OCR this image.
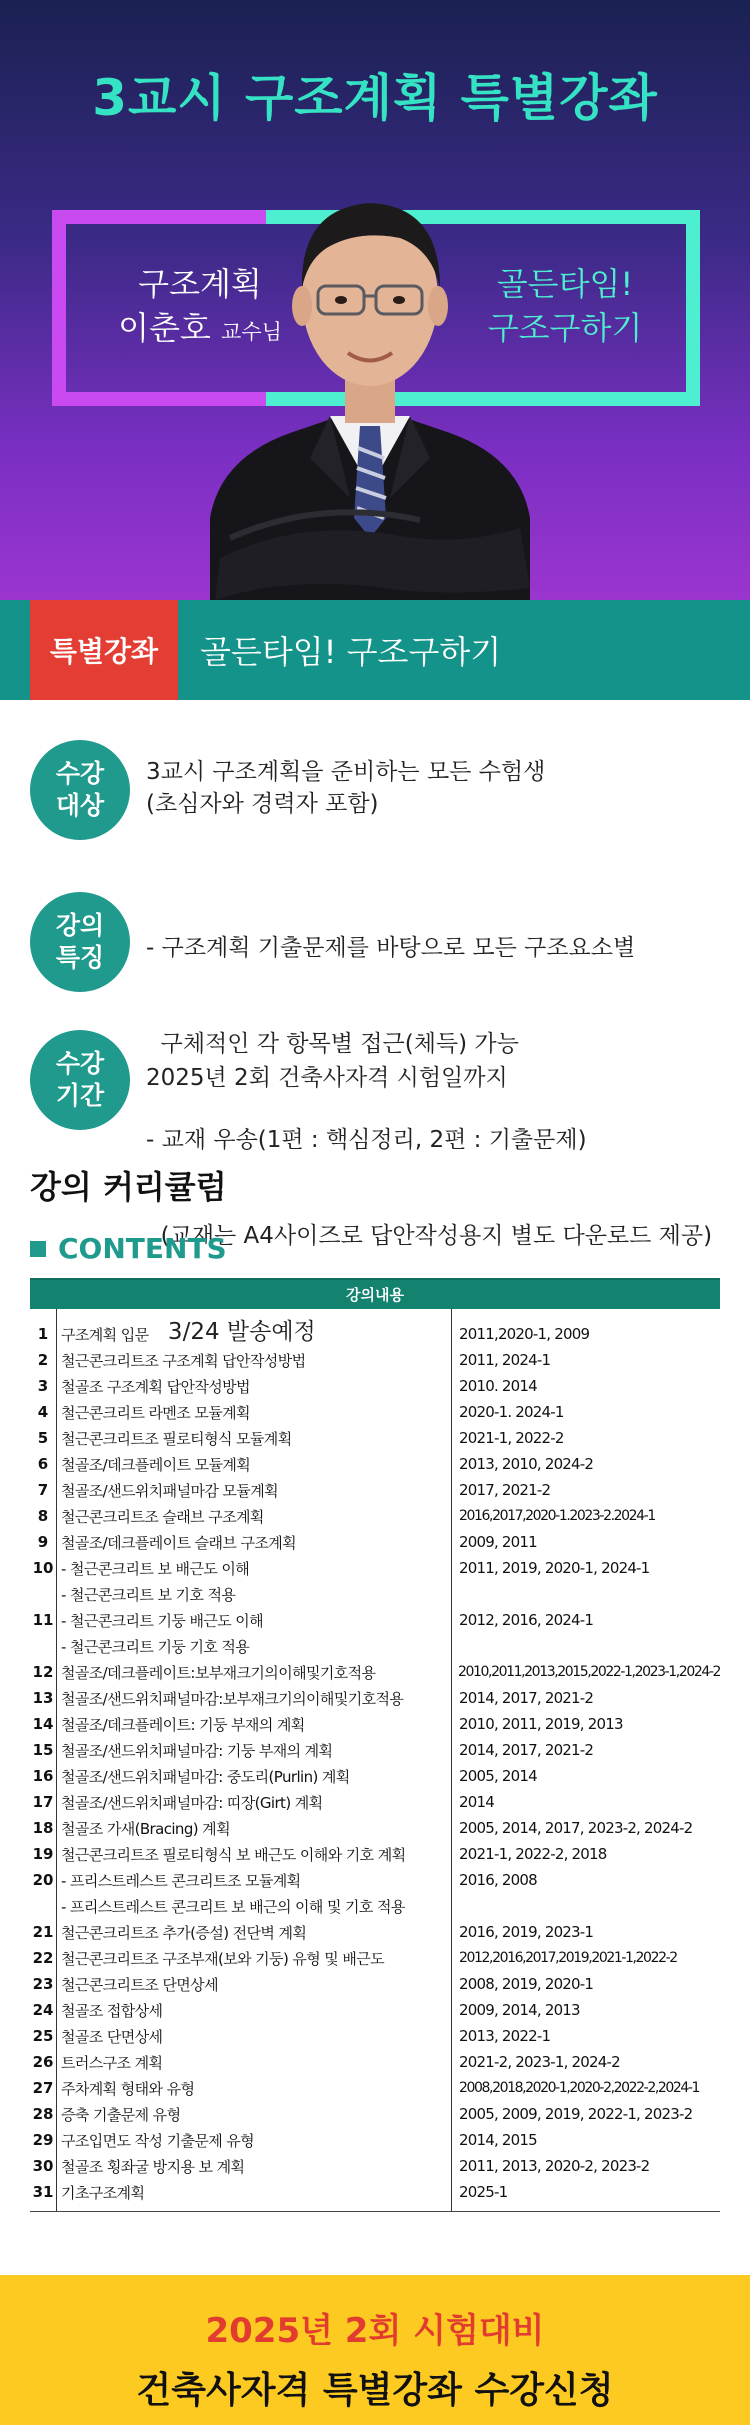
3교시 구조계획 특별강좌
구조계획
이춘호 교수님
골든타임!
구조구하기
특별강좌	골든타임! 구조구하기
수강
대상
3교시 구조계획을 준비하는 모든 수험생
(초심자와 경력자 포함)
강의
특징

- 구조계획 기출문제를 바탕으로 모든 구조요소별

구체적인 각 항목별 접근(체득) 가능

- 교재 우송(1편 : 핵심정리, 2편 : 기출문제)

(교재는 A4사이즈로 답안작성용지 별도 다운로드 제공)

3/24 발송예정

수강
기간
2025년 2회 건축사자격 시험일까지
강의 커리큘럼
CONTENTS
강의내용
1 구조계획 입문	2011,2020-1, 2009
2 철근콘크리트조 구조계획 답안작성방법	2011, 2024-1
3 철골조 구조계획 답안작성방법	2010. 2014
4 철근콘크리트 라멘조 모듈계획	2020-1. 2024-1
5 철근콘크리트조 필로티형식 모듈계획	2021-1, 2022-2
6 철골조/데크플레이트 모듈계획	2013, 2010, 2024-2
7 철골조/샌드위치패널마감 모듈계획	2017, 2021-2
8 철근콘크리트조 슬래브 구조계획	2016,2017,2020-1.2023-2.2024-1
9 철골조/데크플레이트 슬래브 구조계획	2009, 2011
10 - 철근콘크리트 보 배근도 이해	2011, 2019, 2020-1, 2024-1
- 철근콘크리트 보 기호 적용
11 - 철근콘크리트 기둥 배근도 이해	2012, 2016, 2024-1
- 철근콘크리트 기둥 기호 적용
12 철골조/데크플레이트:보부재크기의이해및기호적용	2010,2011,2013,2015,2022-1,2023-1,2024-2
13 철골조/샌드위치패널마감:보부재크기의이해및기호적용	2014, 2017, 2021-2
14 철골조/데크플레이트: 기둥 부재의 계획	2010, 2011, 2019, 2013
15 철골조/샌드위치패널마감: 기둥 부재의 계획	2014, 2017, 2021-2
16 철골조/샌드위치패널마감: 중도리(Purlin) 계획	2005, 2014
17 철골조/샌드위치패널마감: 띠장(Girt) 계획	2014
18 철골조 가새(Bracing) 계획	2005, 2014, 2017, 2023-2, 2024-2
19 철근콘크리트조 필로티형식 보 배근도 이해와 기호 계획	2021-1, 2022-2, 2018
20 - 프리스트레스트 콘크리트조 모듈계획	2016, 2008
- 프리스트레스트 콘크리트 보 배근의 이해 및 기호 적용
21 철근콘크리트조 추가(증설) 전단벽 계획	2016, 2019, 2023-1
22 철근콘크리트조 구조부재(보와 기둥) 유형 및 배근도	2012,2016,2017,2019,2021-1,2022-2
23 철근콘크리트조 단면상세	2008, 2019, 2020-1
24 철골조 접합상세	2009, 2014, 2013
25 철골조 단면상세	2013, 2022-1
26 트러스구조 계획	2021-2, 2023-1, 2024-2
27 주차계획 형태와 유형	2008,2018,2020-1,2020-2,2022-2,2024-1
28 증축 기출문제 유형	2005, 2009, 2019, 2022-1, 2023-2
29 구조입면도 작성 기출문제 유형	2014, 2015
30 철골조 횡좌굴 방지용 보 계획	2011, 2013, 2020-2, 2023-2
31 기초구조계획	2025-1
2025년 2회 시험대비
건축사자격 특별강좌 수강신청
